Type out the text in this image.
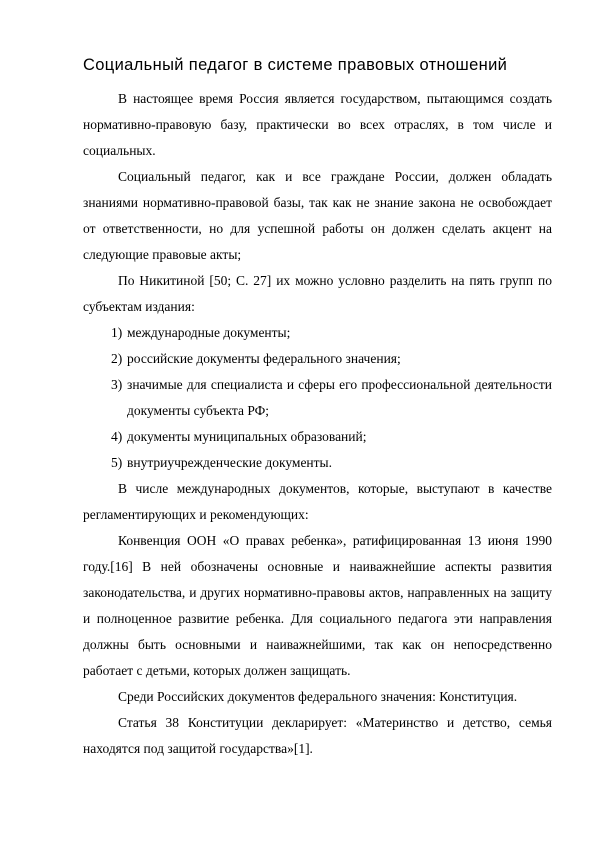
Социальный педагог в системе правовых отношений

В настоящее время Россия является государством, пытающимся создать нормативно-правовую базу, практически во всех отраслях, в том числе и социальных.

Социальный педагог, как и все граждане России, должен обладать знаниями нормативно-правовой базы, так как не знание закона не освобождает от ответственности, но для успешной работы он должен сделать акцент на следующие правовые акты;

По Никитиной [50; С. 27] их можно условно разделить на пять групп по субъектам издания:

1) международные документы;
2) российские документы федерального значения;
3) значимые для специалиста и сферы его профессиональной деятельности документы субъекта РФ;
4) документы муниципальных образований;
5) внутриучрежденческие документы.

В числе международных документов, которые, выступают в качестве регламентирующих и рекомендующих:

Конвенция ООН «О правах ребенка», ратифицированная 13 июня 1990 году.[16] В ней обозначены основные и наиважнейшие аспекты развития законодательства, и других нормативно-правовы актов, направленных на защиту и полноценное развитие ребенка. Для социального педагога эти направления должны быть основными и наиважнейшими, так как он непосредственно работает с детьми, которых должен защищать.

Среди Российских документов федерального значения: Конституция.

Статья 38 Конституции декларирует: «Материнство и детство, семья находятся под защитой государства»[1].
